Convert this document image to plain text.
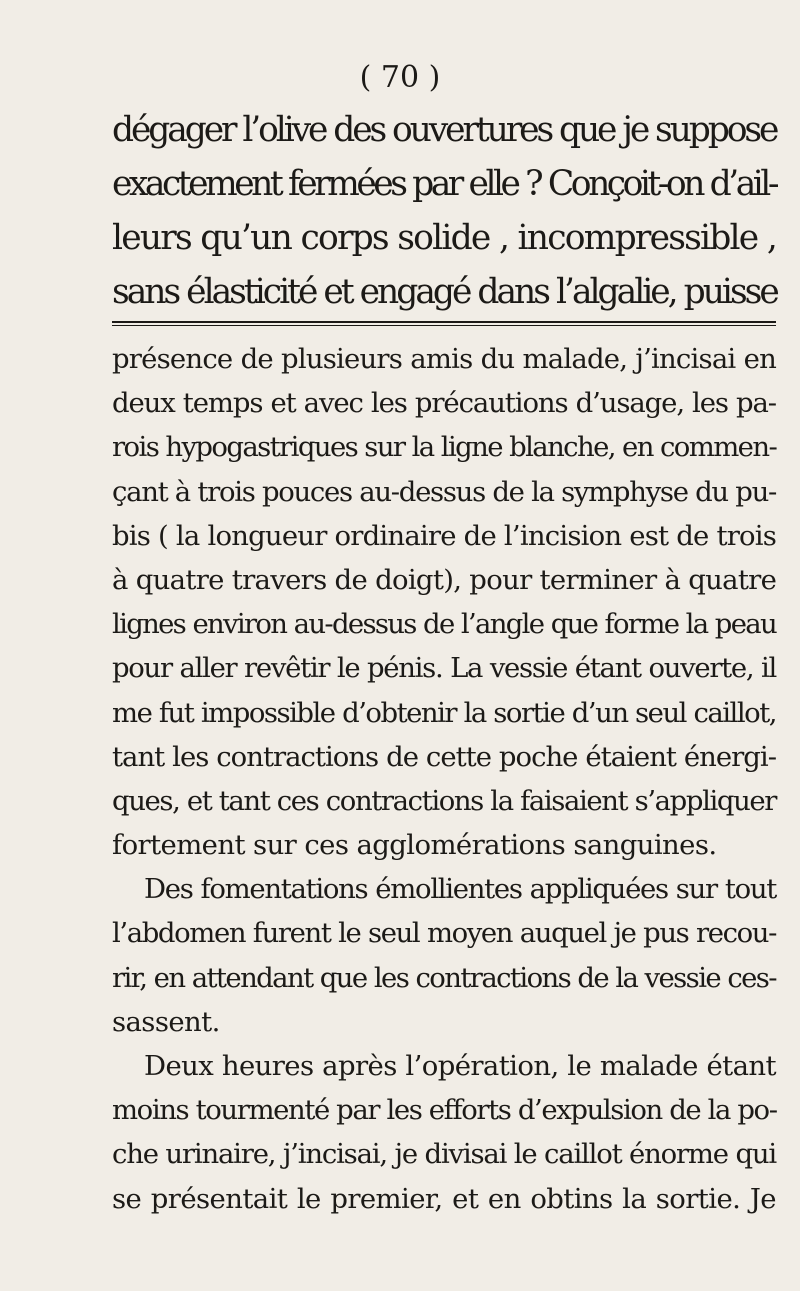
( 70 )
dégager l’olive des ouvertures que je suppose
exactement fermées par elle ? Conçoit-on d’ail-
leurs qu’un corps solide , incompressible ,
sans élasticité et engagé dans l’algalie, puisse
présence de plusieurs amis du malade, j’incisai en
deux temps et avec les précautions d’usage, les pa-
rois hypogastriques sur la ligne blanche, en commen-
çant à trois pouces au-dessus de la symphyse du pu-
bis ( la longueur ordinaire de l’incision est de trois
à quatre travers de doigt), pour terminer à quatre
lignes environ au-dessus de l’angle que forme la peau
pour aller revêtir le pénis. La vessie étant ouverte, il
me fut impossible d’obtenir la sortie d’un seul caillot,
tant les contractions de cette poche étaient énergi-
ques, et tant ces contractions la faisaient s’appliquer
fortement sur ces agglomérations sanguines.
Des fomentations émollientes appliquées sur tout
l’abdomen furent le seul moyen auquel je pus recou-
rir, en attendant que les contractions de la vessie ces-
sassent.
Deux heures après l’opération, le malade étant
moins tourmenté par les efforts d’expulsion de la po-
che urinaire, j’incisai, je divisai le caillot énorme qui
se présentait le premier, et en obtins la sortie. Je
